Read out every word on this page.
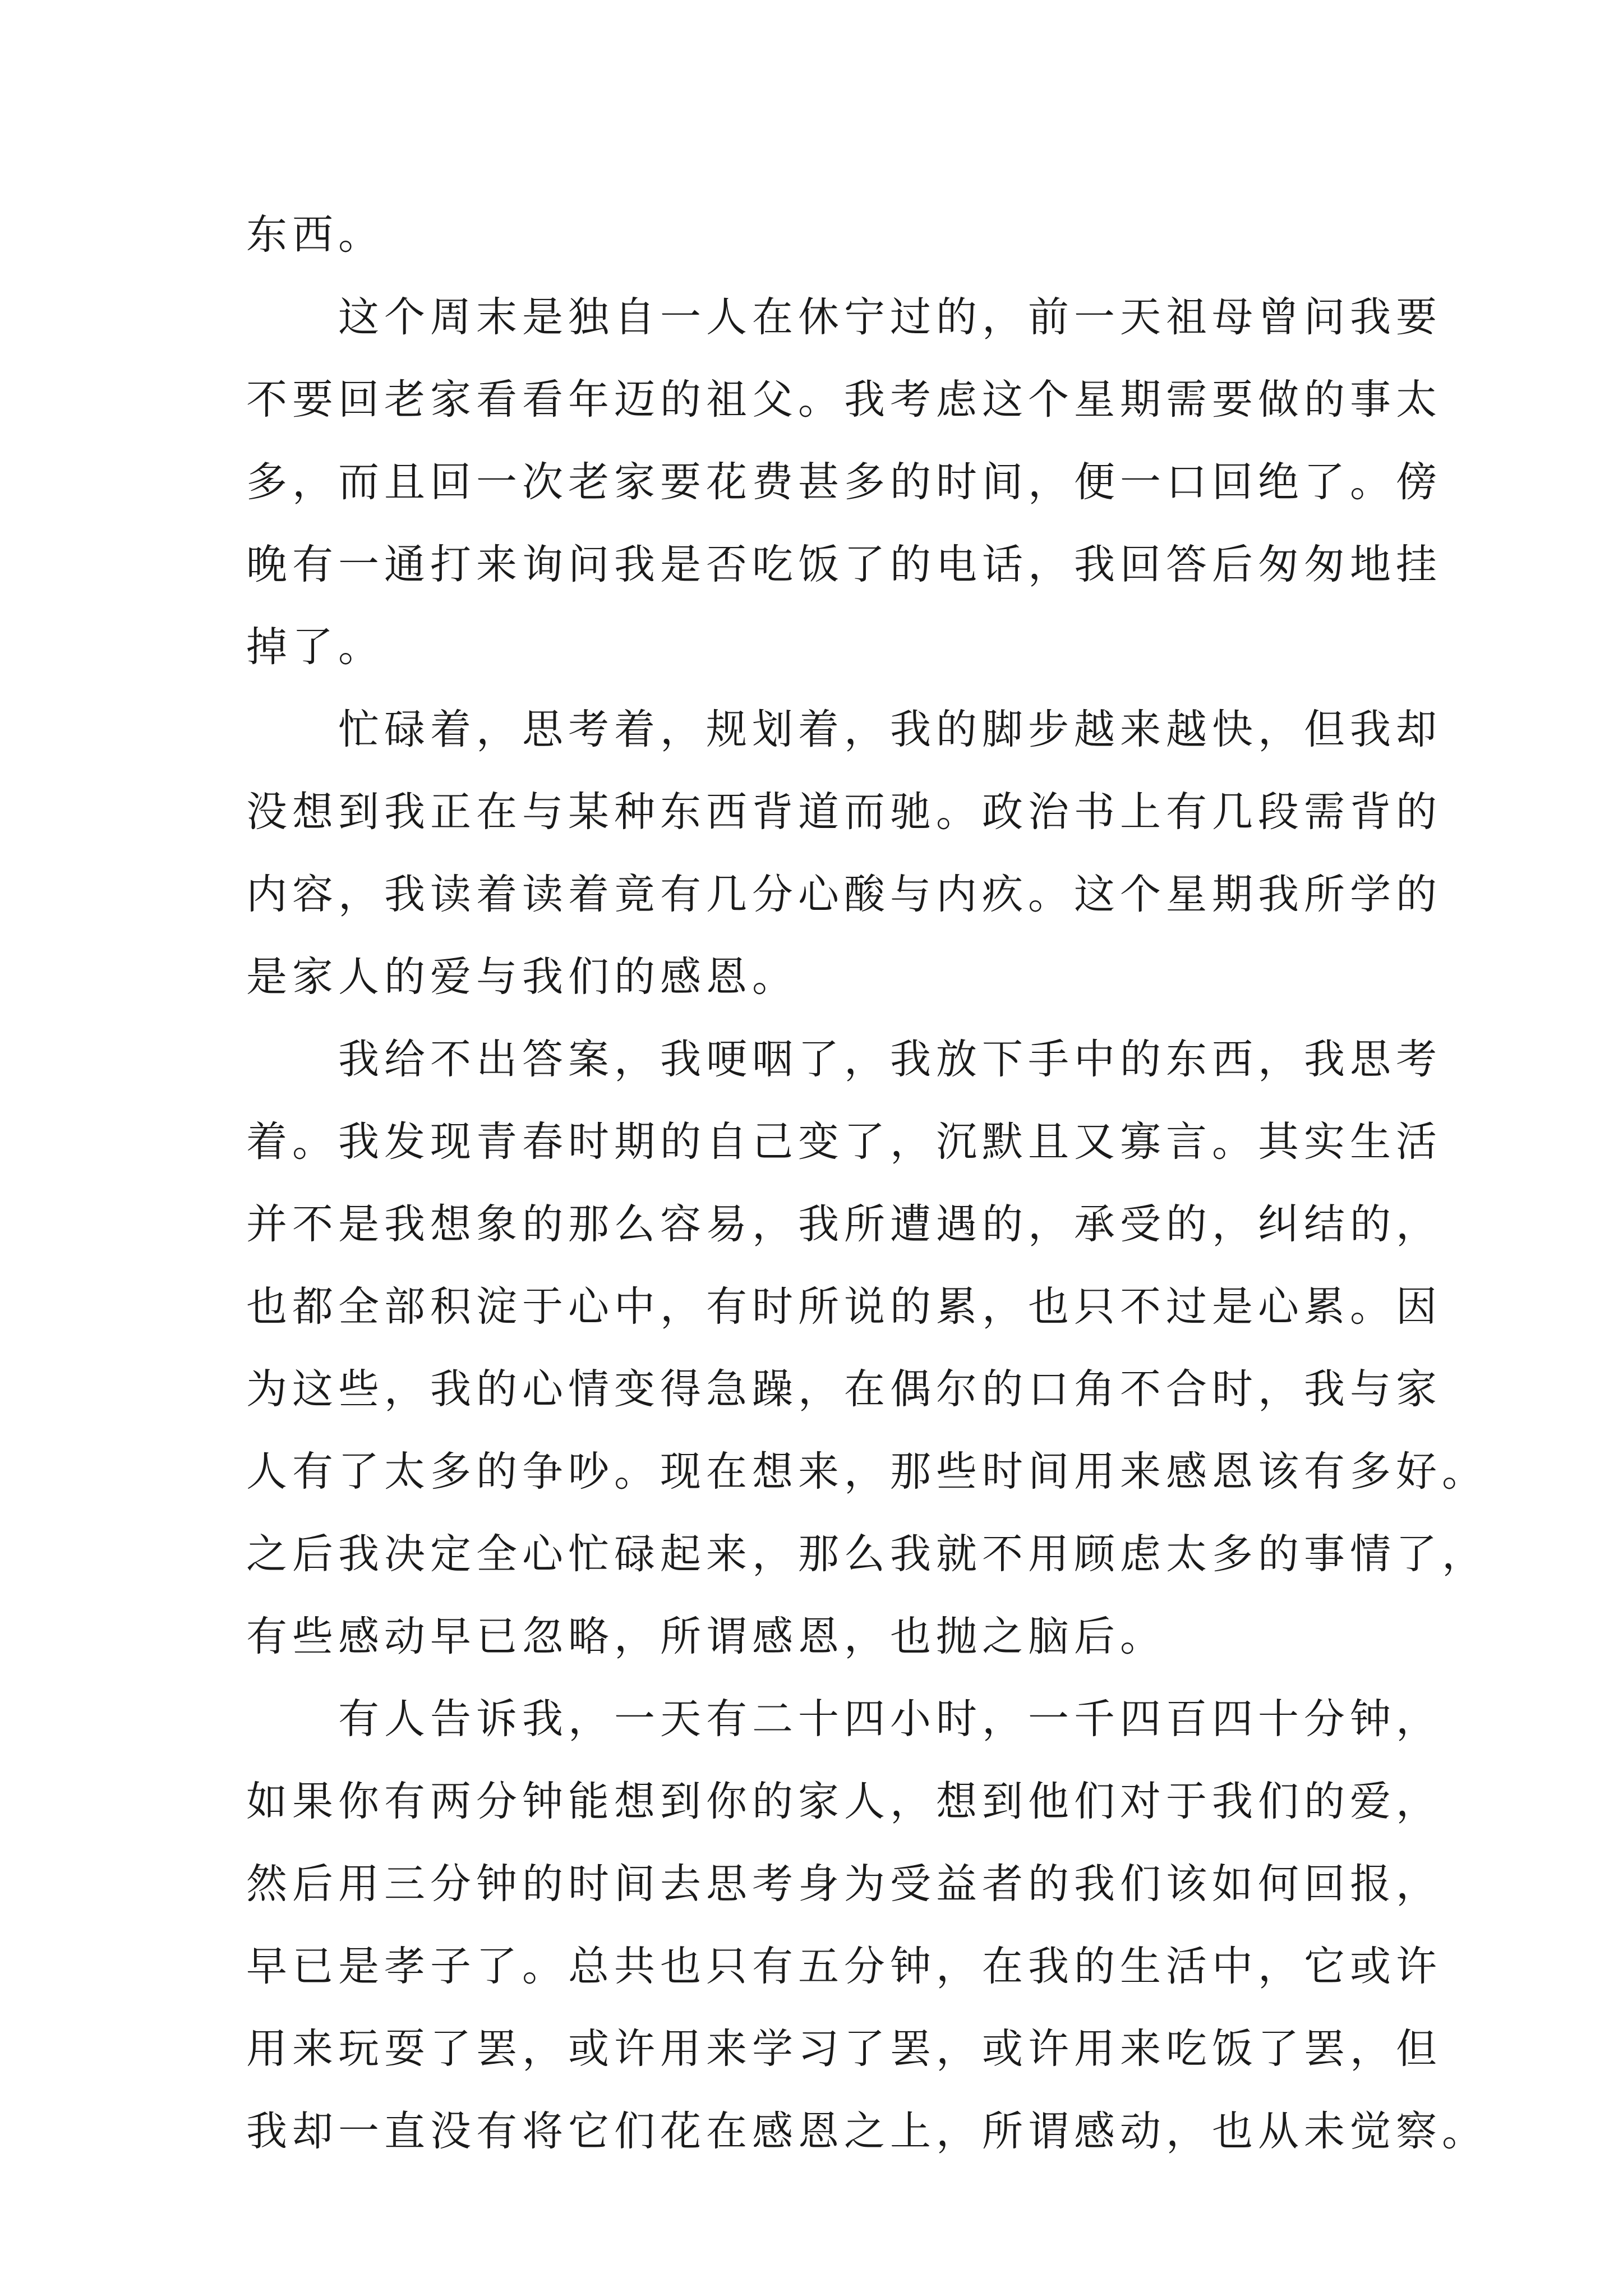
东西。
这个周末是独自一人在休宁过的，前一天祖母曾问我要
不要回老家看看年迈的祖父。我考虑这个星期需要做的事太
多，而且回一次老家要花费甚多的时间，便一口回绝了。傍
晚有一通打来询问我是否吃饭了的电话，我回答后匆匆地挂
掉了。
忙碌着，思考着，规划着，我的脚步越来越快，但我却
没想到我正在与某种东西背道而驰。政治书上有几段需背的
内容，我读着读着竟有几分心酸与内疚。这个星期我所学的
是家人的爱与我们的感恩。
我给不出答案，我哽咽了，我放下手中的东西，我思考
着。我发现青春时期的自己变了，沉默且又寡言。其实生活
并不是我想象的那么容易，我所遭遇的，承受的，纠结的，
也都全部积淀于心中，有时所说的累，也只不过是心累。因
为这些，我的心情变得急躁，在偶尔的口角不合时，我与家
人有了太多的争吵。现在想来，那些时间用来感恩该有多好。
之后我决定全心忙碌起来，那么我就不用顾虑太多的事情了，
有些感动早已忽略，所谓感恩，也抛之脑后。
有人告诉我，一天有二十四小时，一千四百四十分钟，
如果你有两分钟能想到你的家人，想到他们对于我们的爱，
然后用三分钟的时间去思考身为受益者的我们该如何回报，
早已是孝子了。总共也只有五分钟，在我的生活中，它或许
用来玩耍了罢，或许用来学习了罢，或许用来吃饭了罢，但
我却一直没有将它们花在感恩之上，所谓感动，也从未觉察。
